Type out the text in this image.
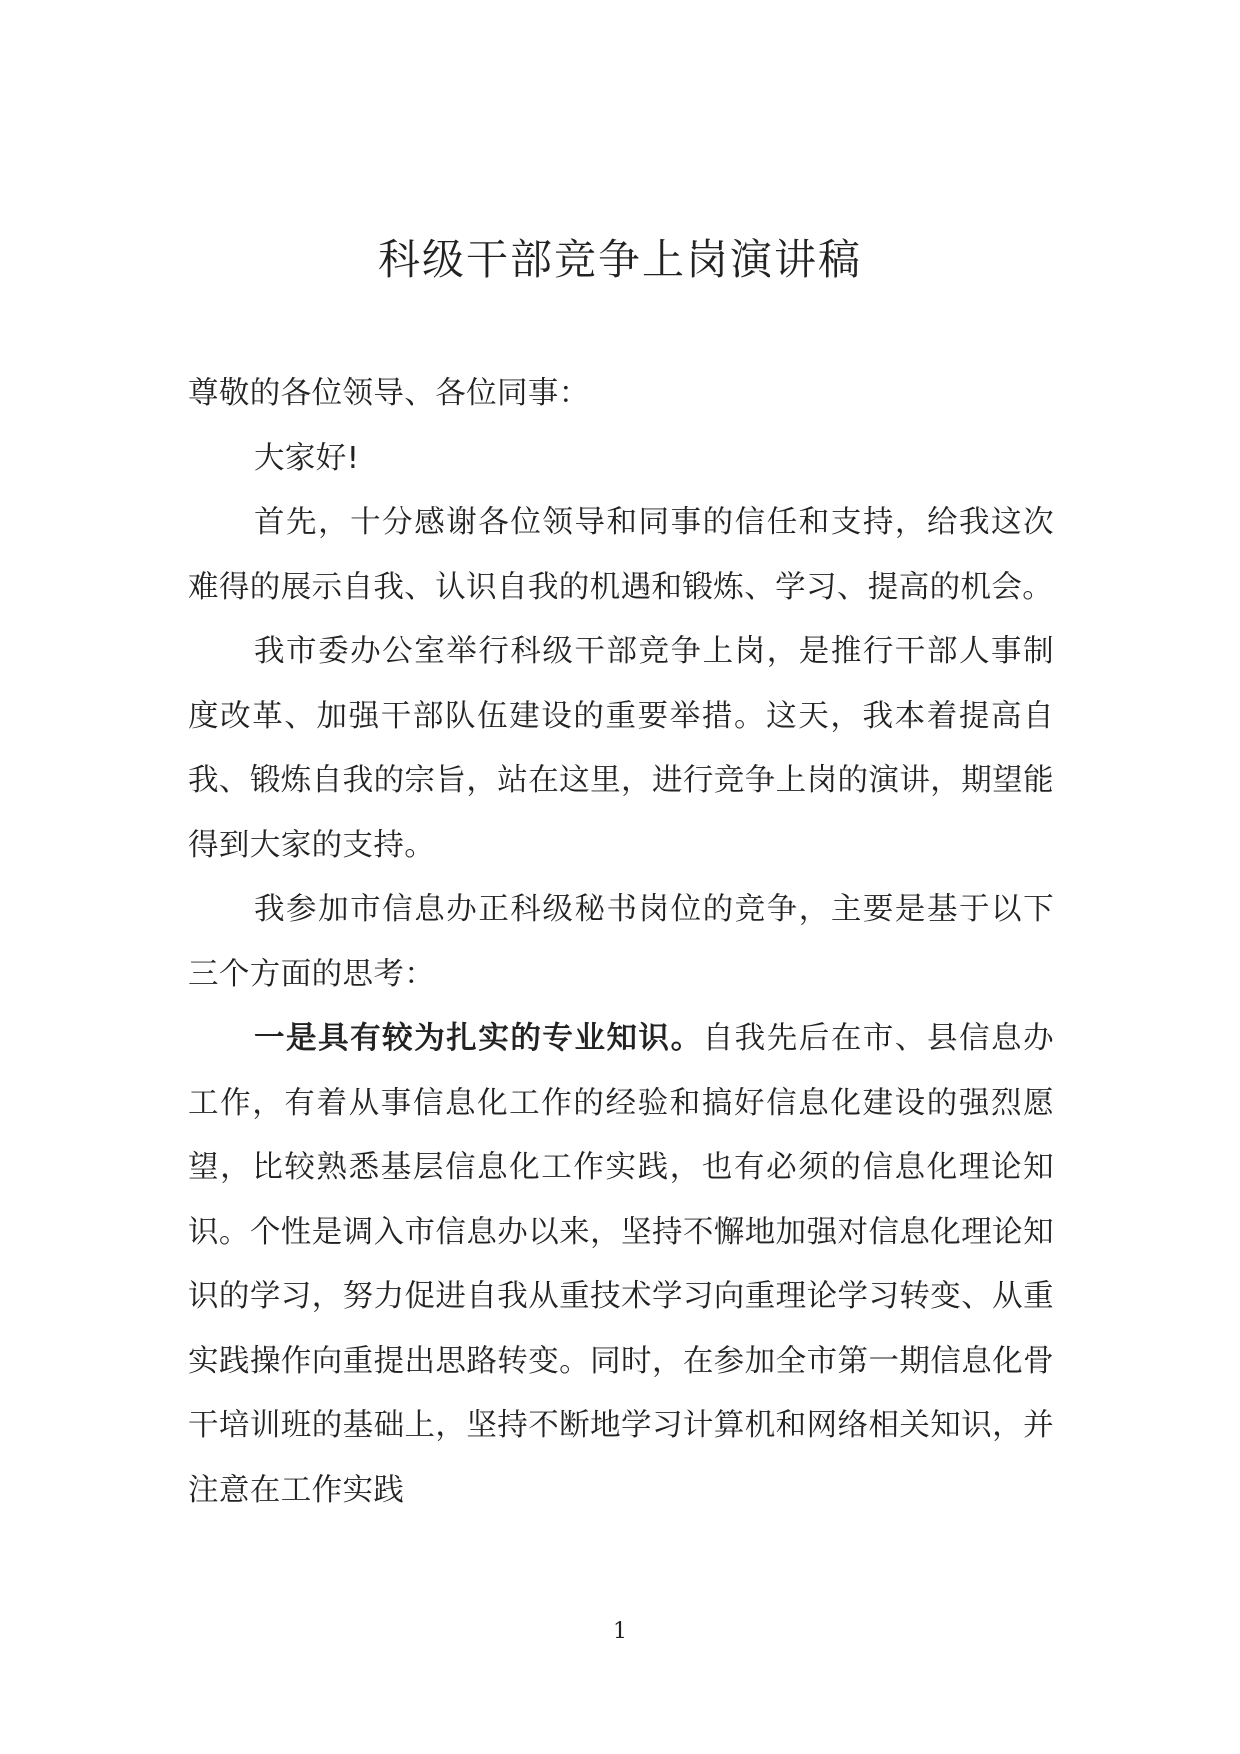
科级干部竞争上岗演讲稿

尊敬的各位领导、各位同事：

大家好!

首先，十分感谢各位领导和同事的信任和支持，给我这次难得的展示自我、认识自我的机遇和锻炼、学习、提高的机会。

我市委办公室举行科级干部竞争上岗，是推行干部人事制度改革、加强干部队伍建设的重要举措。这天，我本着提高自我、锻炼自我的宗旨，站在这里，进行竞争上岗的演讲，期望能得到大家的支持。

我参加市信息办正科级秘书岗位的竞争，主要是基于以下三个方面的思考：

一是具有较为扎实的专业知识。自我先后在市、县信息办工作，有着从事信息化工作的经验和搞好信息化建设的强烈愿望，比较熟悉基层信息化工作实践，也有必须的信息化理论知识。个性是调入市信息办以来，坚持不懈地加强对信息化理论知识的学习，努力促进自我从重技术学习向重理论学习转变、从重实践操作向重提出思路转变。同时，在参加全市第一期信息化骨干培训班的基础上，坚持不断地学习计算机和网络相关知识，并注意在工作实践

1
